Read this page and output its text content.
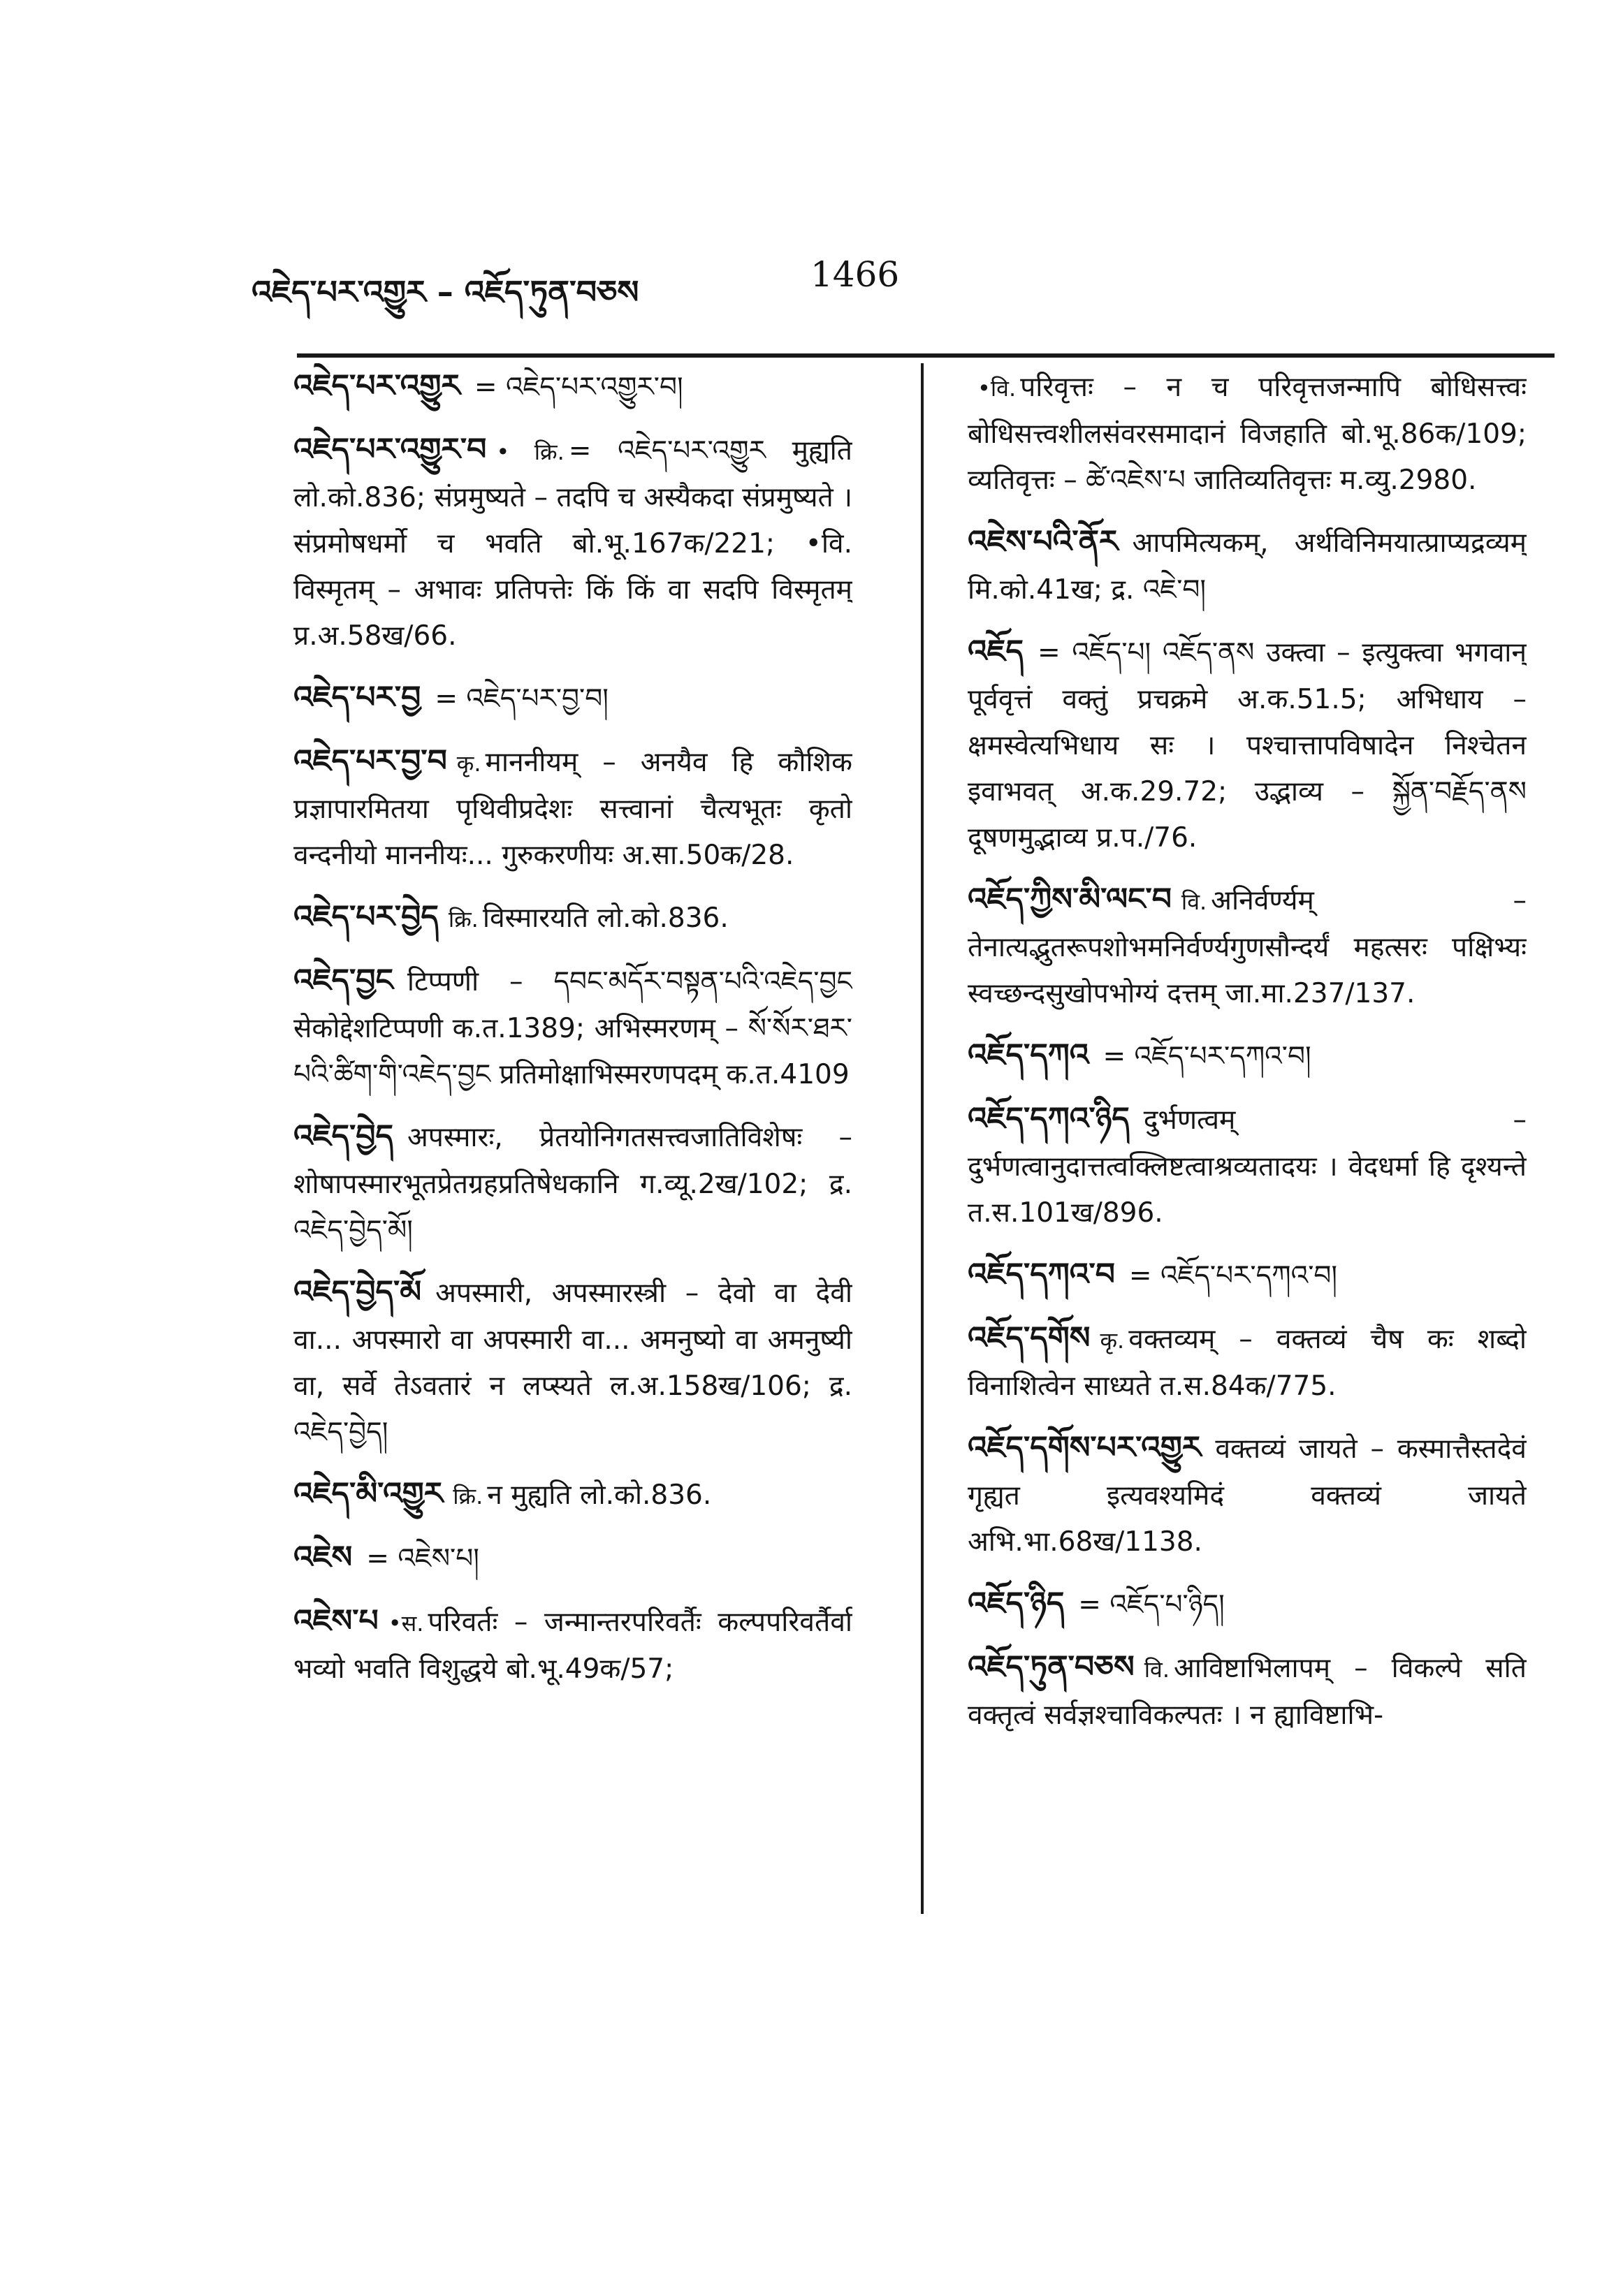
འཇེད་པར་འགྱུར – འཇོད་ཏུན་བཅས	1466

འཇེད་པར་འགྱུར = འཇེད་པར་འགྱུར་བ།

འཇེད་པར་འགྱུར་བ • क्रि. = འཇེད་པར་འགྱུར मुह्यति लो.को.836; संप्रमुष्यते – तदपि च अस्यैकदा संप्रमुष्यते । संप्रमोषधर्मो च भवति बो.भू.167क/221; •वि. विस्मृतम् – अभावः प्रतिपत्तेः किं किं वा सदपि विस्मृतम् प्र.अ.58ख/66.

འཇེད་པར་བྱ = འཇེད་པར་བྱ་བ།

འཇེད་པར་བྱ་བ कृ. माननीयम् – अनयैव हि कौशिक प्रज्ञापारमितया पृथिवीप्रदेशः सत्त्वानां चैत्यभूतः कृतो वन्दनीयो माननीयः... गुरुकरणीयः अ.सा.50क/28.

འཇེད་པར་བྱེད क्रि. विस्मारयति लो.को.836.

འཇེད་བྱང टिप्पणी – དབང་མདོར་བསྟན་པའི་འཇེད་བྱང सेकोद्देशटिप्पणी क.त.1389; अभिस्मरणम् – སོ་སོར་ཐར་པའི་ཚིག་གི་འཇེད་བྱང प्रतिमोक्षाभिस्मरणपदम् क.त.4109

འཇེད་བྱེད अपस्मारः, प्रेतयोनिगतसत्त्वजातिविशेषः – शोषापस्मारभूतप्रेतग्रहप्रतिषेधकानि ग.व्यू.2ख/102; द्र. འཇེད་བྱེད་མོ།

འཇེད་བྱེད་མོ अपस्मारी, अपस्मारस्त्री – देवो वा देवी वा... अपस्मारो वा अपस्मारी वा... अमनुष्यो वा अमनुष्यी वा, सर्वे तेऽवतारं न लप्स्यते ल.अ.158ख/106; द्र. འཇེད་བྱེད།

འཇེད་མི་འགྱུར क्रि. न मुह्यति लो.को.836.

འཇེས = འཇེས་པ།

འཇེས་པ •स. परिवर्तः – जन्मान्तरपरिवर्तैः कल्पपरिवर्तैर्वा भव्यो भवति विशुद्धये बो.भू.49क/57;

•वि. परिवृत्तः – न च परिवृत्तजन्मापि बोधिसत्त्वः बोधिसत्त्वशीलसंवरसमादानं विजहाति बो.भू.86क/109; व्यतिवृत्तः – ཚེ་འཇེས་པ जातिव्यतिवृत्तः म.व्यु.2980.

འཇེས་པའི་ནོར आपमित्यकम्, अर्थविनिमयात्प्राप्यद्रव्यम् मि.को.41ख; द्र. འཇེ་བ།

འཇོད = འཇོད་པ། འཇོད་ནས उक्त्वा – इत्युक्त्वा भगवान् पूर्ववृत्तं वक्तुं प्रचक्रमे अ.क.51.5; अभिधाय – क्षमस्वेत्यभिधाय सः । पश्चात्तापविषादेन निश्चेतन इवाभवत् अ.क.29.72; उद्भाव्य – སྐྱོན་བརྗོད་ནས दूषणमुद्भाव्य प्र.प./76.

འཇོད་ཀྱིས་མི་ལང་བ वि. अनिर्वर्ण्यम् – तेनात्यद्भुतरूपशोभमनिर्वर्ण्यगुणसौन्दर्यं महत्सरः पक्षिभ्यः स्वच्छन्दसुखोपभोग्यं दत्तम् जा.मा.237/137.

འཇོད་དཀའ = འཇོད་པར་དཀའ་བ།

འཇོད་དཀའ་ཉིད दुर्भणत्वम् – दुर्भणत्वानुदात्तत्वक्लिष्टत्वाश्रव्यतादयः । वेदधर्मा हि दृश्यन्ते त.स.101ख/896.

འཇོད་དཀའ་བ = འཇོད་པར་དཀའ་བ།

འཇོད་དགོས कृ. वक्तव्यम् – वक्तव्यं चैष कः शब्दो विनाशित्वेन साध्यते त.स.84क/775.

འཇོད་དགོས་པར་འགྱུར वक्तव्यं जायते – कस्मात्तैस्तदेवं गृह्यत इत्यवश्यमिदं वक्तव्यं जायते अभि.भा.68ख/1138.

འཇོད་ཉིད = འཇོད་པ་ཉིད།

འཇོད་ཏུན་བཅས वि. आविष्टाभिलापम् – विकल्पे सति वक्तृत्वं सर्वज्ञश्चाविकल्पतः । न ह्याविष्टाभि-
